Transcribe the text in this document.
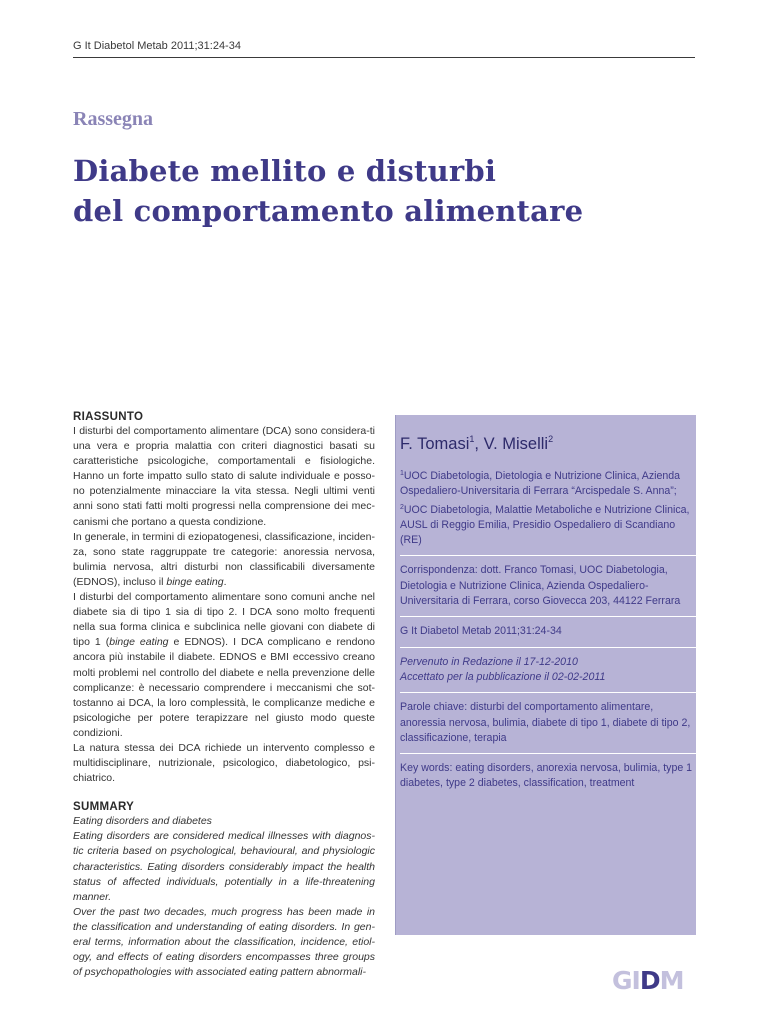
G It Diabetol Metab 2011;31:24-34
Rassegna
Diabete mellito e disturbi
del comportamento alimentare
RIASSUNTO

I disturbi del comportamento alimentare (DCA) sono considera-ti una vera e propria malattia con criteri diagnostici basati su caratteristiche psicologiche, comportamentali e fisiologiche. Hanno un forte impatto sullo stato di salute individuale e posso-no potenzialmente minacciare la vita stessa. Negli ultimi venti anni sono stati fatti molti progressi nella comprensione dei mec-canismi che portano a questa condizione.

In generale, in termini di eziopatogenesi, classificazione, inciden-za, sono state raggruppate tre categorie: anoressia nervosa, bulimia nervosa, altri disturbi non classificabili diversamente (EDNOS), incluso il binge eating.

I disturbi del comportamento alimentare sono comuni anche nel diabete sia di tipo 1 sia di tipo 2. I DCA sono molto frequenti nella sua forma clinica e subclinica nelle giovani con diabete di tipo 1 (binge eating e EDNOS). I DCA complicano e rendono ancora più instabile il diabete. EDNOS e BMI eccessivo creano molti problemi nel controllo del diabete e nella prevenzione delle complicanze: è necessario comprendere i meccanismi che sot-tostanno ai DCA, la loro complessità, le complicanze mediche e psicologiche per potere terapizzare nel giusto modo queste condizioni.

La natura stessa dei DCA richiede un intervento complesso e multidisciplinare, nutrizionale, psicologico, diabetologico, psi-chiatrico.

SUMMARY

Eating disorders and diabetes

Eating disorders are considered medical illnesses with diagnos-tic criteria based on psychological, behavioural, and physiologic characteristics. Eating disorders considerably impact the health status of affected individuals, potentially in a life-threatening manner.

Over the past two decades, much progress has been made in the classification and understanding of eating disorders. In gen-eral terms, information about the classification, incidence, etiol-ogy, and effects of eating disorders encompasses three groups of psychopathologies with associated eating pattern abnormali-

F. Tomasi$^1$, V. Miselli$^2$
$^1$UOC Diabetologia, Dietologia e Nutrizione Clinica, Azienda Ospedaliero-Universitaria di Ferrara “Arcispedale S. Anna”; $^2$UOC Diabetologia, Malattie Metaboliche e Nutrizione Clinica, AUSL di Reggio Emilia, Presidio Ospedaliero di Scandiano (RE)
Corrispondenza: dott. Franco Tomasi, UOC Diabetologia, Dietologia e Nutrizione Clinica, Azienda Ospedaliero-Universitaria di Ferrara, corso Giovecca 203, 44122 Ferrara
G It Diabetol Metab 2011;31:24-34
Pervenuto in Redazione il 17-12-2010
Accettato per la pubblicazione il 02-02-2011
Parole chiave: disturbi del comportamento alimentare, anoressia nervosa, bulimia, diabete di tipo 1, diabete di tipo 2, classificazione, terapia
Key words: eating disorders, anorexia nervosa, bulimia, type 1 diabetes, type 2 diabetes, classification, treatment
GIDM
